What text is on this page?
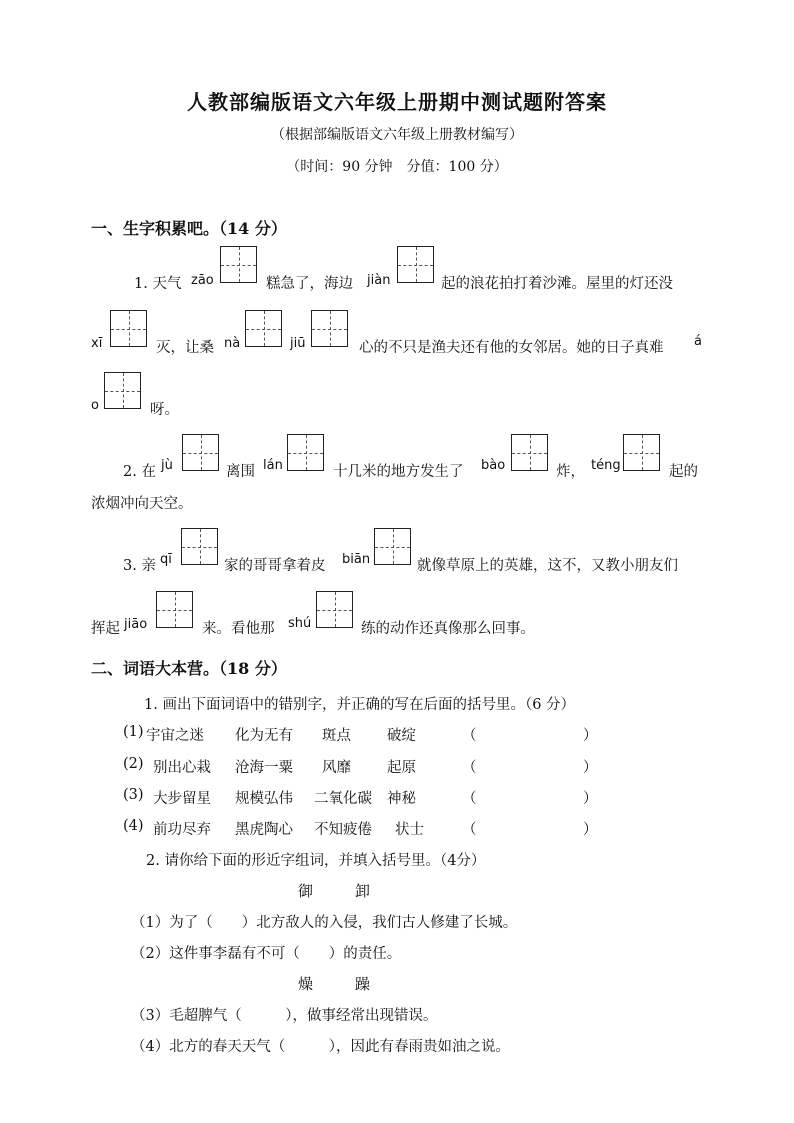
人教部编版语文六年级上册期中测试题附答案
（根据部编版语文六年级上册教材编写）
（时间：90 分钟　分值：100 分）
一、生字积累吧。（14 分）
1. 天气 zāo	糕急了，海边 jiàn	起的浪花拍打着沙滩。屋里的灯还没
xī	灭，让桑 nà	jiū	心的不只是渔夫还有他的女邻居。她的日子真难 á
o	呀。
2. 在 jù	离围 lán	十几米的地方发生了 bào	炸， téng	起的
浓烟冲向天空。
3. 亲 qī	家的哥哥拿着皮 biān	就像草原上的英雄，这不，又教小朋友们
挥起 jiāo	来。看他那 shú	练的动作还真像那么回事。
二、词语大本营。（18 分）
1. 画出下面词语中的错别字，并正确的写在后面的括号里。（6 分）
(1) 宇宙之迷 化为无有 斑点 破绽	（	）
(2) 别出心栽 沧海一粟 风靡 起原	（	）
(3) 大步留星 规模弘伟 二氧化碳 神秘	（	）
(4) 前功尽弃 黑虎陶心 不知疲倦 状士	（	）
2. 请你给下面的形近字组词，并填入括号里。（4分）
御	卸
（1）为了（　　）北方敌人的入侵，我们古人修建了长城。
（2）这件事李磊有不可（　　）的责任。
燥	躁
（3）毛超脾气（　　　），做事经常出现错误。
（4）北方的春天天气（　　　），因此有春雨贵如油之说。
